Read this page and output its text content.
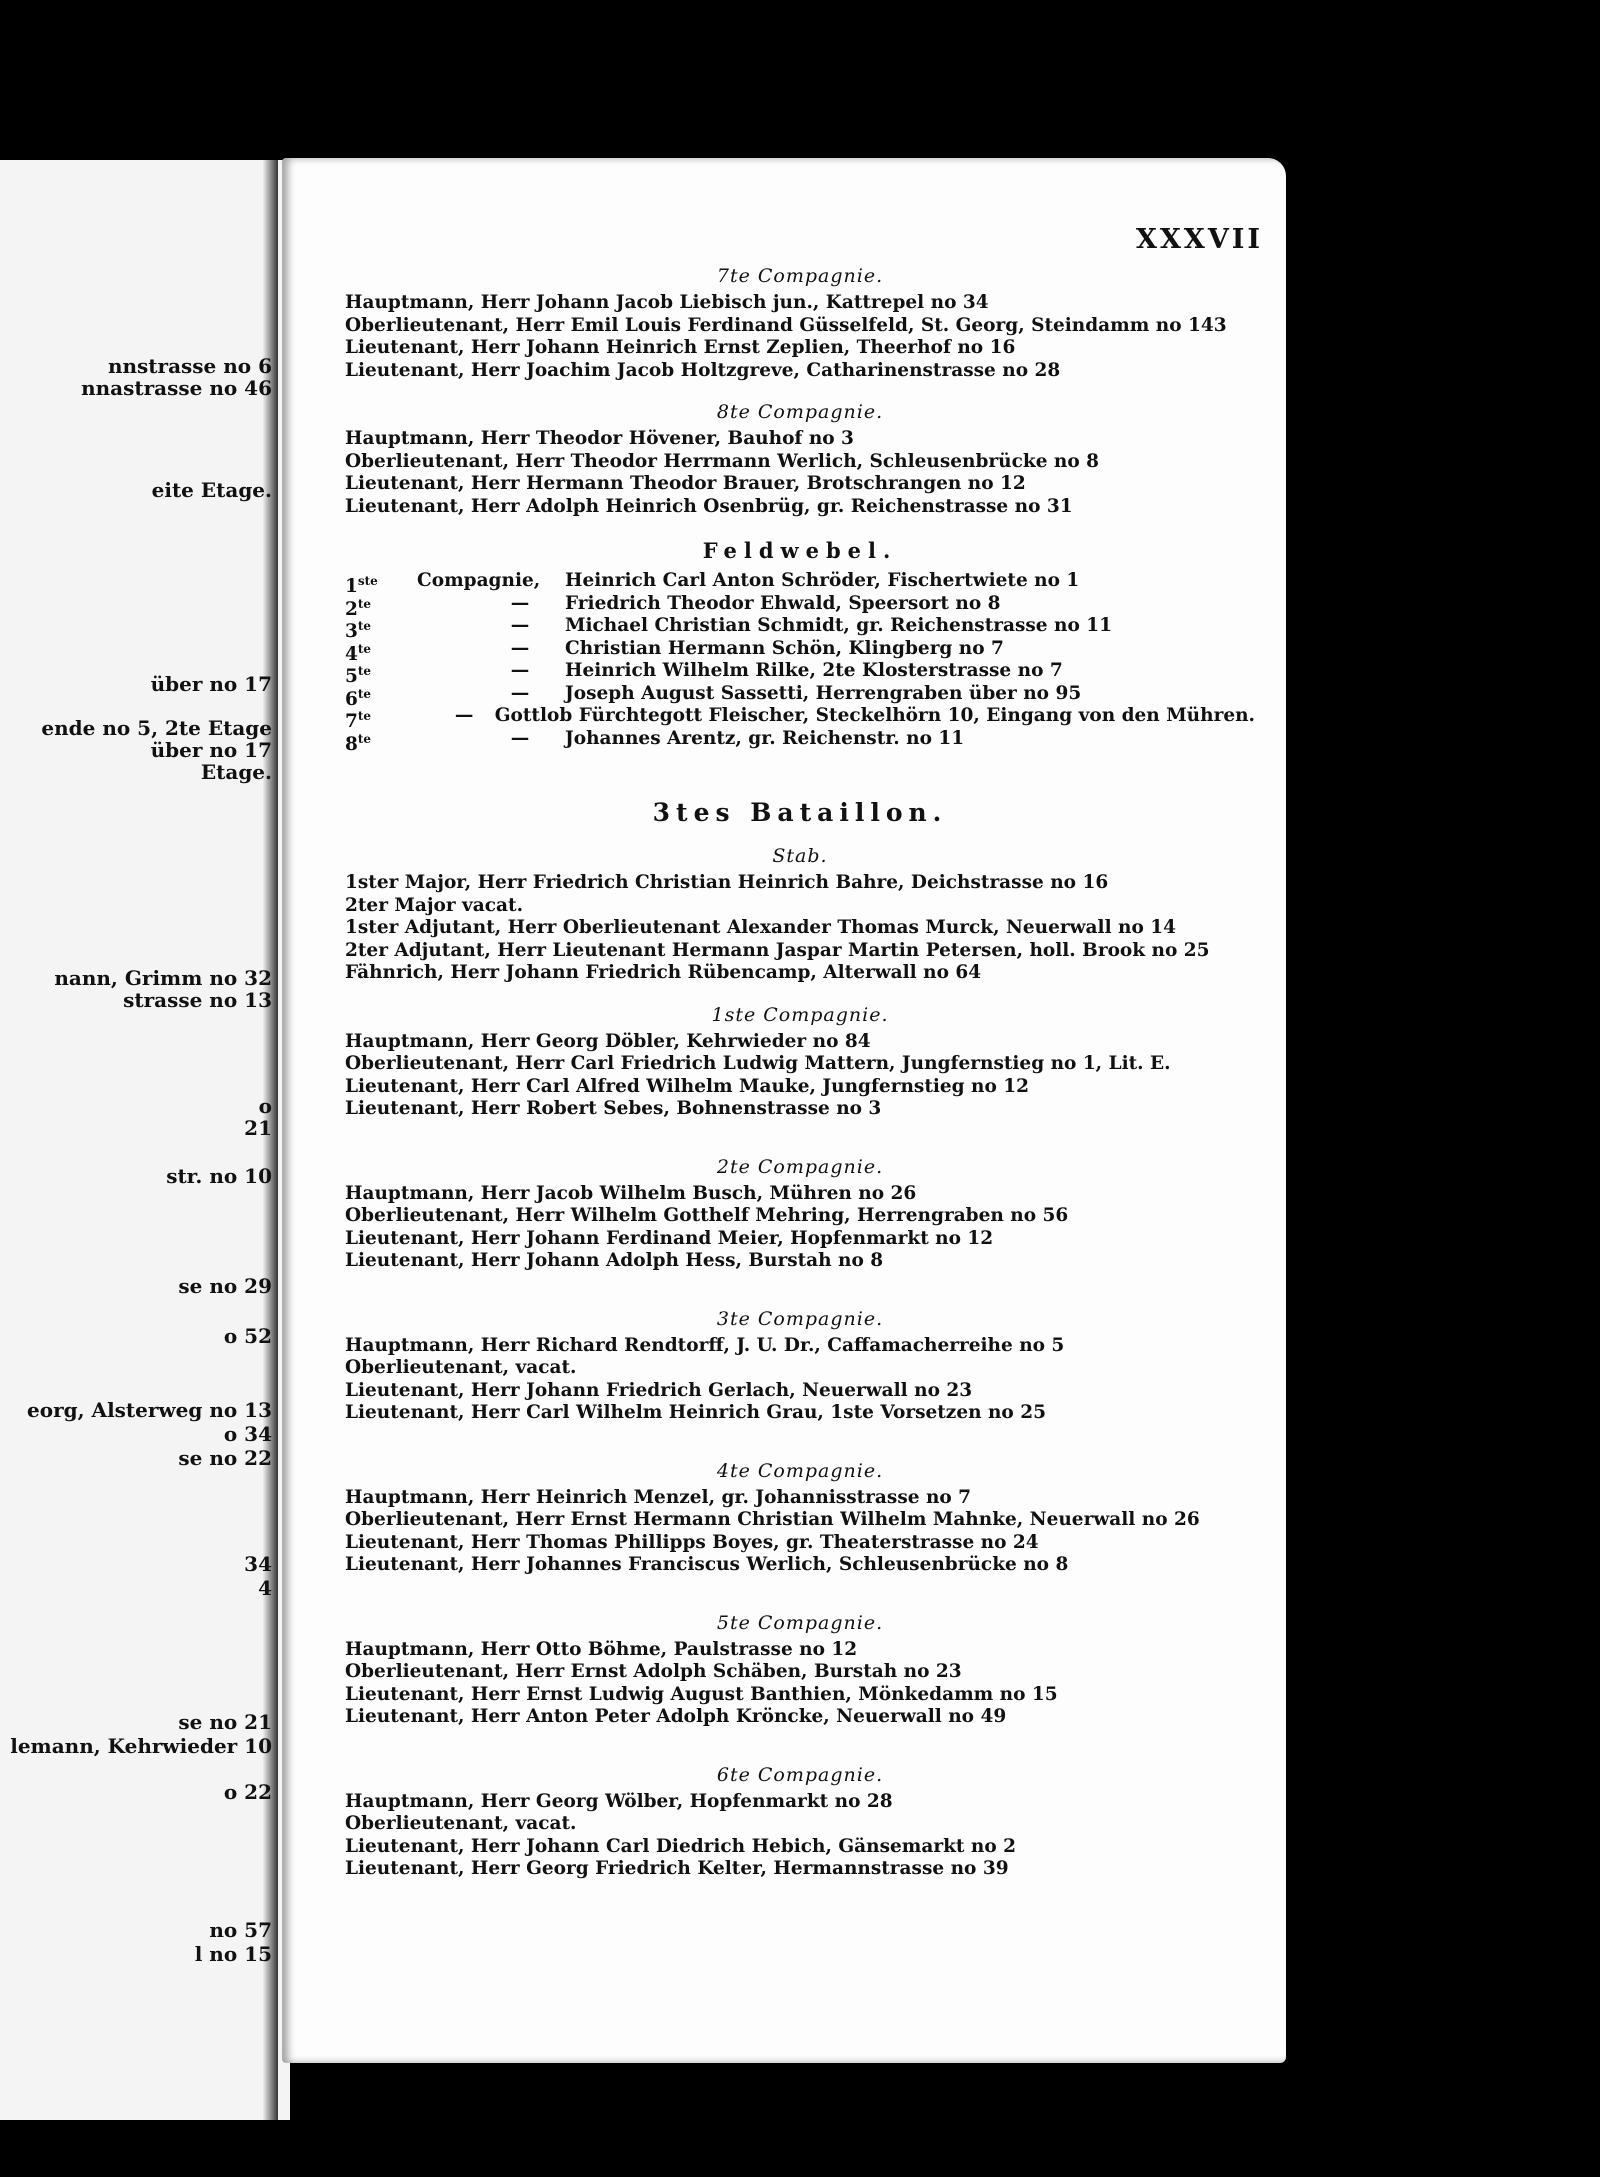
nnstrasse no 6
nnastrasse no 46
eite Etage.
über no 17
ende no 5, 2te Etage
über no 17
Etage.
nann, Grimm no 32
strasse no 13
o
21
str. no 10
se no 29
o 52
eorg, Alsterweg no 13
o 34
se no 22
34
4
se no 21
lemann, Kehrwieder 10
o 22
no 57
l no 15
XXXVII
7te Compagnie.
Hauptmann, Herr Johann Jacob Liebisch jun., Kattrepel no 34
Oberlieutenant, Herr Emil Louis Ferdinand Güsselfeld, St. Georg, Steindamm no 143
Lieutenant, Herr Johann Heinrich Ernst Zeplien, Theerhof no 16
Lieutenant, Herr Joachim Jacob Holtzgreve, Catharinenstrasse no 28
8te Compagnie.
Hauptmann, Herr Theodor Hövener, Bauhof no 3
Oberlieutenant, Herr Theodor Herrmann Werlich, Schleusenbrücke no 8
Lieutenant, Herr Hermann Theodor Brauer, Brotschrangen no 12
Lieutenant, Herr Adolph Heinrich Osenbrüg, gr. Reichenstrasse no 31
Feldwebel.
1ste	Compagnie,	Heinrich Carl Anton Schröder, Fischertwiete no 1
$2^{te}$	—	Friedrich Theodor Ehwald, Speersort no 8
$3^{te}$	—	Michael Christian Schmidt, gr. Reichenstrasse no 11
$4^{te}$	—	Christian Hermann Schön, Klingberg no 7
$5^{te}$	—	Heinrich Wilhelm Rilke, 2te Klosterstrasse no 7
$6^{te}$	—	Joseph August Sassetti, Herrengraben über no 95
$7^{te}$	—	Gottlob Fürchtegott Fleischer, Steckelhörn 10, Eingang von den Mühren.
$8^{te}$	—	Johannes Arentz, gr. Reichenstr. no 11
3tes Bataillon.
Stab.
1ster Major, Herr Friedrich Christian Heinrich Bahre, Deichstrasse no 16
2ter Major vacat.
1ster Adjutant, Herr Oberlieutenant Alexander Thomas Murck, Neuerwall no 14
2ter Adjutant, Herr Lieutenant Hermann Jaspar Martin Petersen, holl. Brook no 25
Fähnrich, Herr Johann Friedrich Rübencamp, Alterwall no 64
1ste Compagnie.
Hauptmann, Herr Georg Döbler, Kehrwieder no 84
Oberlieutenant, Herr Carl Friedrich Ludwig Mattern, Jungfernstieg no 1, Lit. E.
Lieutenant, Herr Carl Alfred Wilhelm Mauke, Jungfernstieg no 12
Lieutenant, Herr Robert Sebes, Bohnenstrasse no 3
2te Compagnie.
Hauptmann, Herr Jacob Wilhelm Busch, Mühren no 26
Oberlieutenant, Herr Wilhelm Gotthelf Mehring, Herrengraben no 56
Lieutenant, Herr Johann Ferdinand Meier, Hopfenmarkt no 12
Lieutenant, Herr Johann Adolph Hess, Burstah no 8
3te Compagnie.
Hauptmann, Herr Richard Rendtorff, J. U. Dr., Caffamacherreihe no 5
Oberlieutenant, vacat.
Lieutenant, Herr Johann Friedrich Gerlach, Neuerwall no 23
Lieutenant, Herr Carl Wilhelm Heinrich Grau, 1ste Vorsetzen no 25
4te Compagnie.
Hauptmann, Herr Heinrich Menzel, gr. Johannisstrasse no 7
Oberlieutenant, Herr Ernst Hermann Christian Wilhelm Mahnke, Neuerwall no 26
Lieutenant, Herr Thomas Phillipps Boyes, gr. Theaterstrasse no 24
Lieutenant, Herr Johannes Franciscus Werlich, Schleusenbrücke no 8
5te Compagnie.
Hauptmann, Herr Otto Böhme, Paulstrasse no 12
Oberlieutenant, Herr Ernst Adolph Schäben, Burstah no 23
Lieutenant, Herr Ernst Ludwig August Banthien, Mönkedamm no 15
Lieutenant, Herr Anton Peter Adolph Kröncke, Neuerwall no 49
6te Compagnie.
Hauptmann, Herr Georg Wölber, Hopfenmarkt no 28
Oberlieutenant, vacat.
Lieutenant, Herr Johann Carl Diedrich Hebich, Gänsemarkt no 2
Lieutenant, Herr Georg Friedrich Kelter, Hermannstrasse no 39
